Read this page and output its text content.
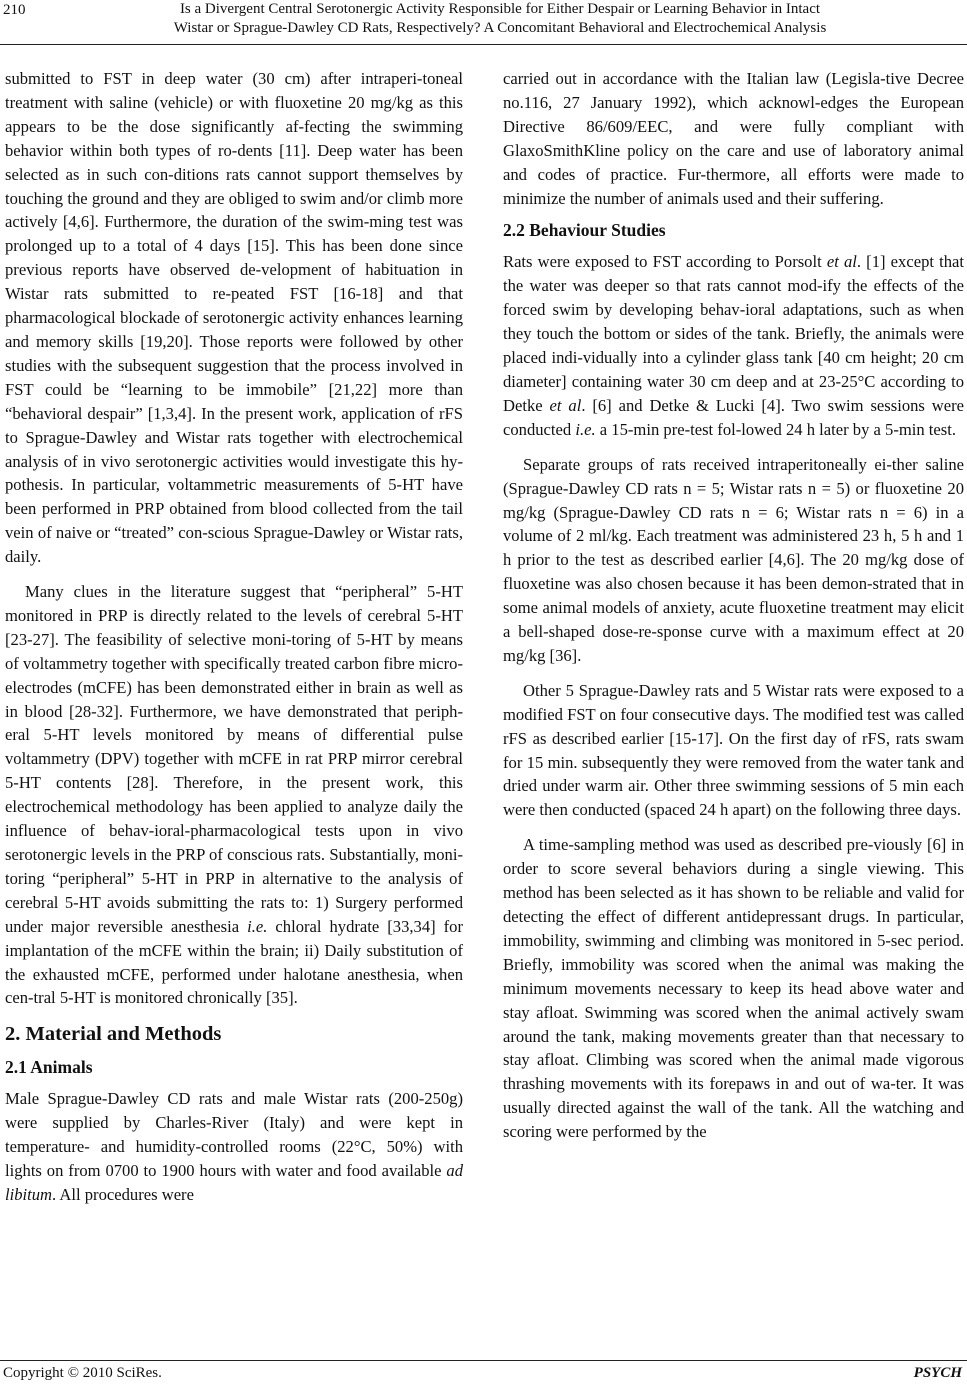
210	Is a Divergent Central Serotonergic Activity Responsible for Either Despair or Learning Behavior in Intact
Wistar or Sprague-Dawley CD Rats, Respectively? A Concomitant Behavioral and Electrochemical Analysis

submitted to FST in deep water (30 cm) after intraperi-toneal treatment with saline (vehicle) or with fluoxetine 20 mg/kg as this appears to be the dose significantly af-fecting the swimming behavior within both types of ro-dents [11]. Deep water has been selected as in such con-ditions rats cannot support themselves by touching the ground and they are obliged to swim and/or climb more actively [4,6]. Furthermore, the duration of the swim-ming test was prolonged up to a total of 4 days [15]. This has been done since previous reports have observed de-velopment of habituation in Wistar rats submitted to re-peated FST [16-18] and that pharmacological blockade of serotonergic activity enhances learning and memory skills [19,20]. Those reports were followed by other studies with the subsequent suggestion that the process involved in FST could be “learning to be immobile” [21,22] more than “behavioral despair” [1,3,4]. In the present work, application of rFS to Sprague-Dawley and Wistar rats together with electrochemical analysis of in vivo serotonergic activities would investigate this hy-pothesis. In particular, voltammetric measurements of 5-HT have been performed in PRP obtained from blood collected from the tail vein of naive or “treated” con-scious Sprague-Dawley or Wistar rats, daily.

Many clues in the literature suggest that “peripheral” 5-HT monitored in PRP is directly related to the levels of cerebral 5-HT [23-27]. The feasibility of selective moni-toring of 5-HT by means of voltammetry together with specifically treated carbon fibre micro-electrodes (mCFE) has been demonstrated either in brain as well as in blood [28-32]. Furthermore, we have demonstrated that periph-eral 5-HT levels monitored by means of differential pulse voltammetry (DPV) together with mCFE in rat PRP mirror cerebral 5-HT contents [28]. Therefore, in the present work, this electrochemical methodology has been applied to analyze daily the influence of behav-ioral-pharmacological tests upon in vivo serotonergic levels in the PRP of conscious rats. Substantially, moni-toring “peripheral” 5-HT in PRP in alternative to the analysis of cerebral 5-HT avoids submitting the rats to: 1) Surgery performed under major reversible anesthesia i.e. chloral hydrate [33,34] for implantation of the mCFE within the brain; ii) Daily substitution of the exhausted mCFE, performed under halotane anesthesia, when cen-tral 5-HT is monitored chronically [35].

2. Material and Methods
2.1 Animals

Male Sprague-Dawley CD rats and male Wistar rats (200-250g) were supplied by Charles-River (Italy) and were kept in temperature- and humidity-controlled rooms (22°C, 50%) with lights on from 0700 to 1900 hours with water and food available ad libitum. All procedures were

carried out in accordance with the Italian law (Legisla-tive Decree no.116, 27 January 1992), which acknowl-edges the European Directive 86/609/EEC, and were fully compliant with GlaxoSmithKline policy on the care and use of laboratory animal and codes of practice. Fur-thermore, all efforts were made to minimize the number of animals used and their suffering.

2.2 Behaviour Studies

Rats were exposed to FST according to Porsolt et al. [1] except that the water was deeper so that rats cannot mod-ify the effects of the forced swim by developing behav-ioral adaptations, such as when they touch the bottom or sides of the tank. Briefly, the animals were placed indi-vidually into a cylinder glass tank [40 cm height; 20 cm diameter] containing water 30 cm deep and at 23-25°C according to Detke et al. [6] and Detke & Lucki [4]. Two swim sessions were conducted i.e. a 15-min pre-test fol-lowed 24 h later by a 5-min test.

Separate groups of rats received intraperitoneally ei-ther saline (Sprague-Dawley CD rats n = 5; Wistar rats n = 5) or fluoxetine 20 mg/kg (Sprague-Dawley CD rats n = 6; Wistar rats n = 6) in a volume of 2 ml/kg. Each treatment was administered 23 h, 5 h and 1 h prior to the test as described earlier [4,6]. The 20 mg/kg dose of fluoxetine was also chosen because it has been demon-strated that in some animal models of anxiety, acute fluoxetine treatment may elicit a bell-shaped dose-re-sponse curve with a maximum effect at 20 mg/kg [36].

Other 5 Sprague-Dawley rats and 5 Wistar rats were exposed to a modified FST on four consecutive days. The modified test was called rFS as described earlier [15-17]. On the first day of rFS, rats swam for 15 min. subsequently they were removed from the water tank and dried under warm air. Other three swimming sessions of 5 min each were then conducted (spaced 24 h apart) on the following three days.

A time-sampling method was used as described pre-viously [6] in order to score several behaviors during a single viewing. This method has been selected as it has shown to be reliable and valid for detecting the effect of different antidepressant drugs. In particular, immobility, swimming and climbing was monitored in 5-sec period. Briefly, immobility was scored when the animal was making the minimum movements necessary to keep its head above water and stay afloat. Swimming was scored when the animal actively swam around the tank, making movements greater than that necessary to stay afloat. Climbing was scored when the animal made vigorous thrashing movements with its forepaws in and out of wa-ter. It was usually directed against the wall of the tank. All the watching and scoring were performed by the

Copyright © 2010 SciRes.	PSYCH
